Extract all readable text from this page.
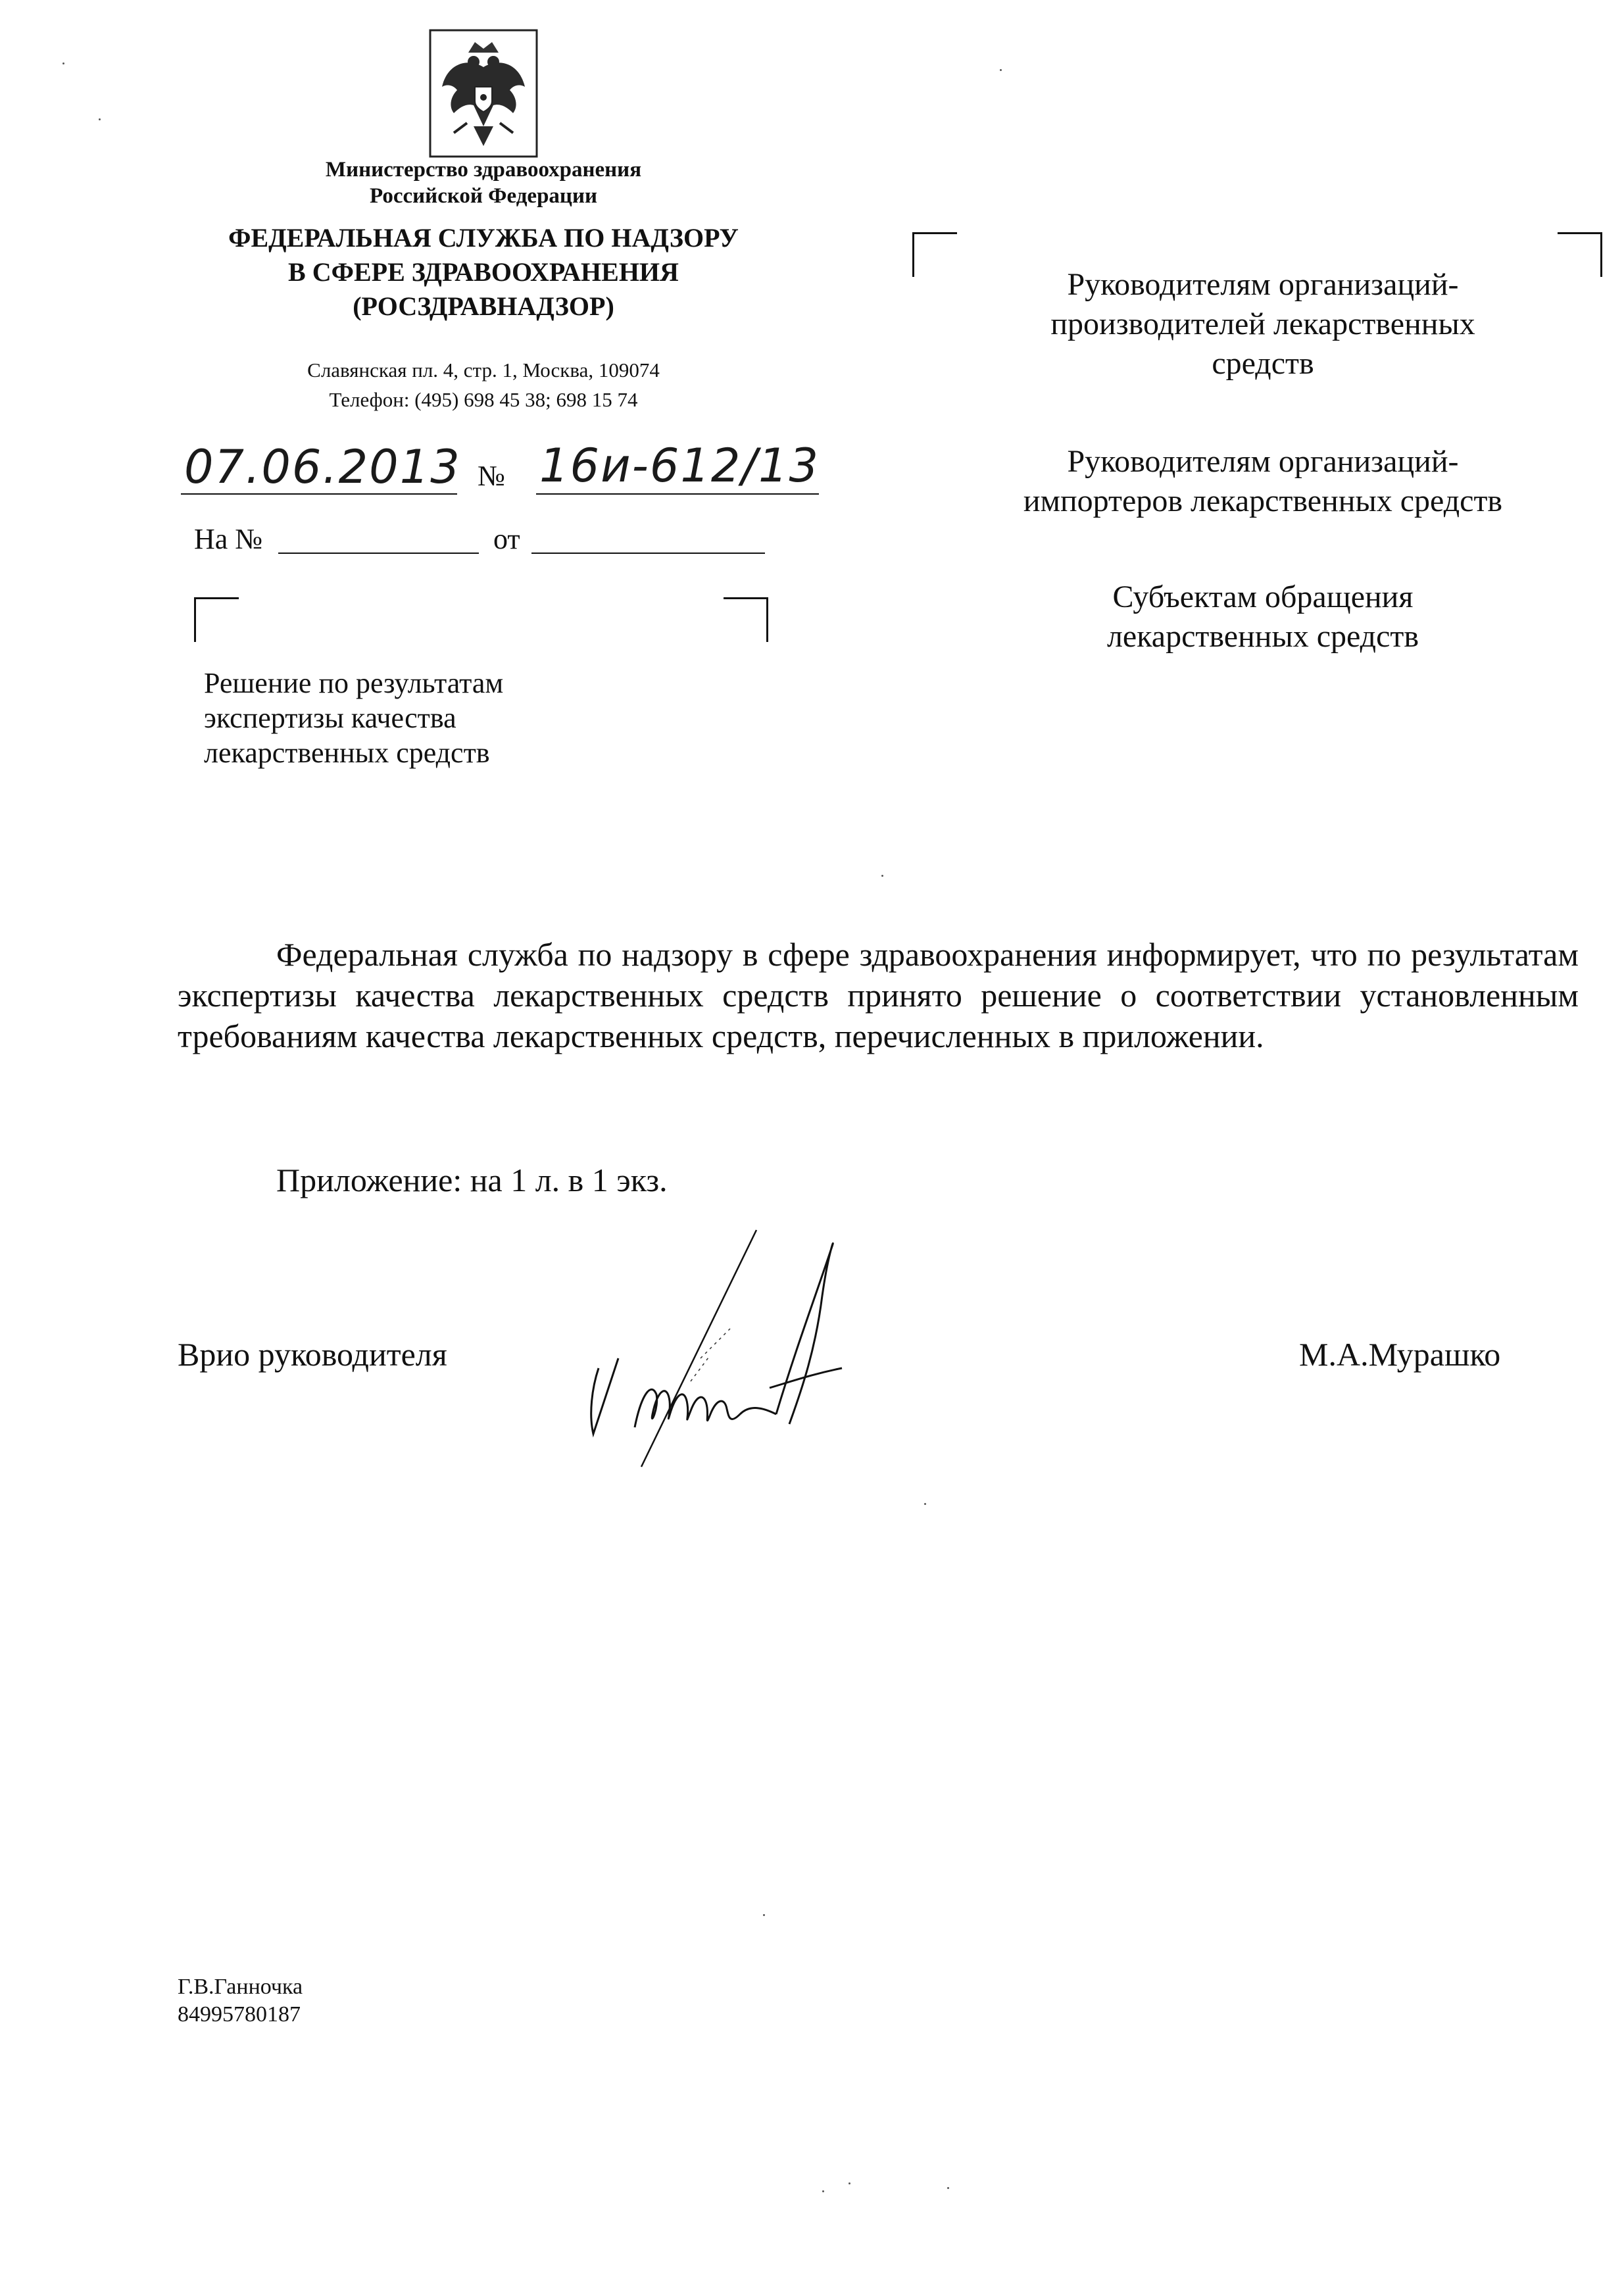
Министерство здравоохранения
Российской Федерации
ФЕДЕРАЛЬНАЯ СЛУЖБА ПО НАДЗОРУ
В СФЕРЕ ЗДРАВООХРАНЕНИЯ
(РОСЗДРАВНАДЗОР)
Славянская пл. 4, стр. 1, Москва, 109074
Телефон: (495) 698 45 38; 698 15 74
07.06.2013 № 16и-612/13
На №	от
Решение по результатам
экспертизы качества
лекарственных средств
Руководителям организаций-
производителей лекарственных
средств
Руководителям организаций-
импортеров лекарственных средств
Субъектам обращения
лекарственных средств
Федеральная служба по надзору в сфере здравоохранения информирует, что по результатам экспертизы качества лекарственных средств принято решение о соответствии установленным требованиям качества лекарственных средств, перечисленных в приложении.
Приложение: на 1 л. в 1 экз.
Врио руководителя	М.А.Мурашко
Г.В.Ганночка
84995780187
